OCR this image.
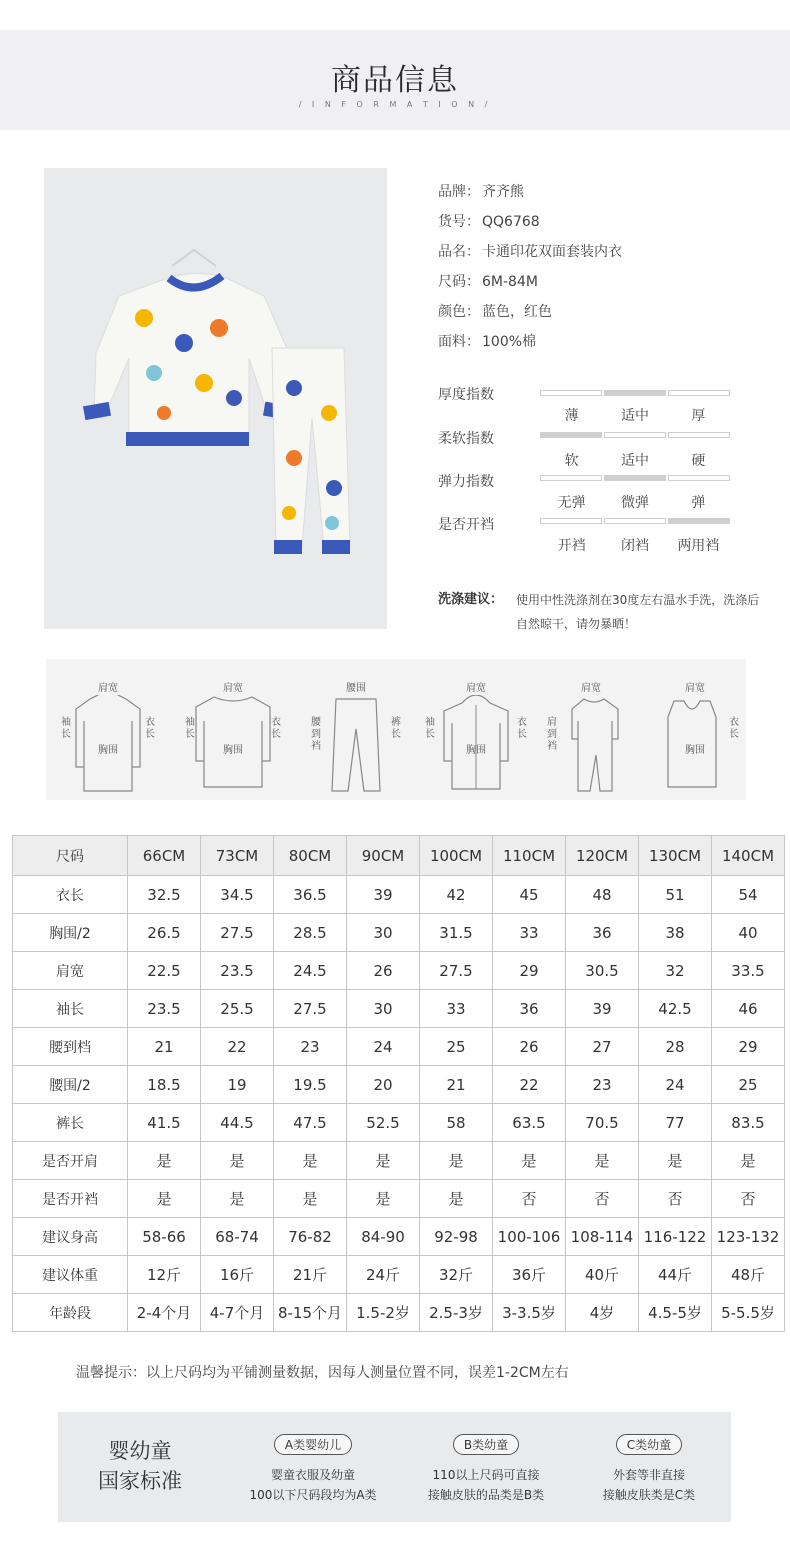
商品信息
/ I N F O R M A T I O N /
品牌： 齐齐熊
货号： QQ6768
品名： 卡通印花双面套装内衣
尺码： 6M-84M
颜色： 蓝色，红色
面料： 100%棉
厚度指数
薄	适中	厚
柔软指数
软	适中	硬
弹力指数
无弹	微弹	弹
是否开裆
开裆	闭裆	两用裆
洗涤建议： 使用中性洗涤剂在30度左右温水手洗，洗涤后自然晾干，请勿暴晒！
肩宽
袖长
衣长
胸围
肩宽
袖长
衣长
胸围
腰围
腰到裆
裤长
肩宽
袖长
衣长
胸围
肩宽
肩到裆
肩宽
衣长
胸围
尺码	66CM	73CM	80CM	90CM	100CM	110CM	120CM	130CM	140CM
衣长	32.5	34.5	36.5	39	42	45	48	51	54
胸围/2	26.5	27.5	28.5	30	31.5	33	36	38	40
肩宽	22.5	23.5	24.5	26	27.5	29	30.5	32	33.5
袖长	23.5	25.5	27.5	30	33	36	39	42.5	46
腰到档	21	22	23	24	25	26	27	28	29
腰围/2	18.5	19	19.5	20	21	22	23	24	25
裤长	41.5	44.5	47.5	52.5	58	63.5	70.5	77	83.5
是否开肩	是	是	是	是	是	是	是	是	是
是否开裆	是	是	是	是	是	否	否	否	否
建议身高	58-66	68-74	76-82	84-90	92-98	100-106	108-114	116-122	123-132
建议体重	12斤	16斤	21斤	24斤	32斤	36斤	40斤	44斤	48斤
年龄段	2-4个月	4-7个月	8-15个月	1.5-2岁	2.5-3岁	3-3.5岁	4岁	4.5-5岁	5-5.5岁
温馨提示：以上尺码均为平铺测量数据，因每人测量位置不同，误差1-2CM左右
婴幼童
国家标准
A类婴幼儿
婴童衣服及幼童
100以下尺码段均为A类
B类幼童
110以上尺码可直接
接触皮肤的品类是B类
C类幼童
外套等非直接
接触皮肤类是C类
